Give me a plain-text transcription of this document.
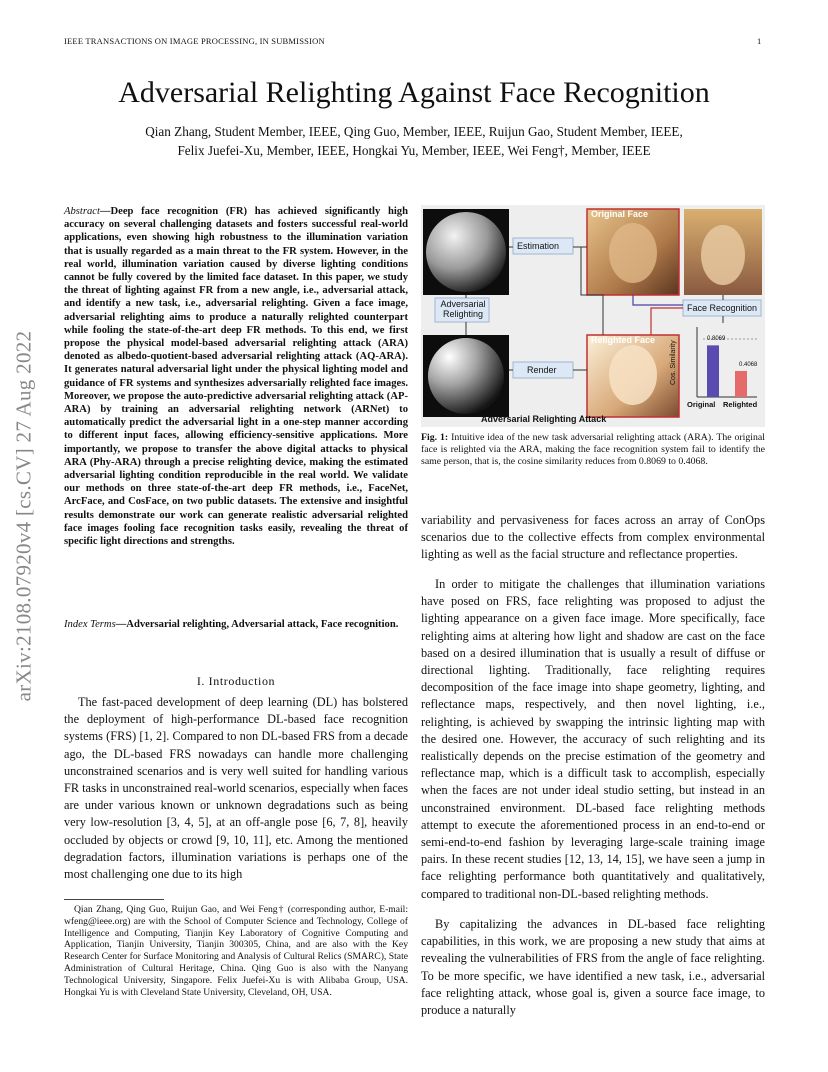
IEEE TRANSACTIONS ON IMAGE PROCESSING, IN SUBMISSION	1
arXiv:2108.07920v4 [cs.CV] 27 Aug 2022
Adversarial Relighting Against Face Recognition
Qian Zhang, Student Member, IEEE, Qing Guo, Member, IEEE, Ruijun Gao, Student Member, IEEE,
Felix Juefei-Xu, Member, IEEE, Hongkai Yu, Member, IEEE, Wei Feng†, Member, IEEE
Abstract—Deep face recognition (FR) has achieved significantly high accuracy on several challenging datasets and fosters successful real-world applications, even showing high robustness to the illumination variation that is usually regarded as a main threat to the FR system. However, in the real world, illumination variation caused by diverse lighting conditions cannot be fully covered by the limited face dataset. In this paper, we study the threat of lighting against FR from a new angle, i.e., adversarial attack, and identify a new task, i.e., adversarial relighting. Given a face image, adversarial relighting aims to produce a naturally relighted counterpart while fooling the state-of-the-art deep FR methods. To this end, we first propose the physical model-based adversarial relighting attack (ARA) denoted as albedo-quotient-based adversarial relighting attack (AQ-ARA). It generates natural adversarial light under the physical lighting model and guidance of FR systems and synthesizes adversarially relighted face images. Moreover, we propose the auto-predictive adversarial relighting attack (AP-ARA) by training an adversarial relighting network (ARNet) to automatically predict the adversarial light in a one-step manner according to different input faces, allowing efficiency-sensitive applications. More importantly, we propose to transfer the above digital attacks to physical ARA (Phy-ARA) through a precise relighting device, making the estimated adversarial lighting condition reproducible in the real world. We validate our methods on three state-of-the-art deep FR methods, i.e., FaceNet, ArcFace, and CosFace, on two public datasets. The extensive and insightful results demonstrate our work can generate realistic adversarial relighted face images fooling face recognition tasks easily, revealing the threat of specific light directions and strengths.
Index Terms—Adversarial relighting, Adversarial attack, Face recognition.
I. Introduction
The fast-paced development of deep learning (DL) has bolstered the deployment of high-performance DL-based face recognition systems (FRS) [1, 2]. Compared to non DL-based FRS from a decade ago, the DL-based FRS nowadays can handle more challenging unconstrained scenarios and is very well suited for handling various FR tasks in unconstrained real-world scenarios, especially when faces are under various known or unknown degradations such as being very low-resolution [3, 4, 5], at an off-angle pose [6, 7, 8], heavily occluded by objects or crowd [9, 10, 11], etc. Among the mentioned degradation factors, illumination variations is perhaps one of the most challenging one due to its high
Qian Zhang, Qing Guo, Ruijun Gao, and Wei Feng† (corresponding author, E-mail: wfeng@ieee.org) are with the School of Computer Science and Technology, College of Intelligence and Computing, Tianjin Key Laboratory of Cognitive Computing and Application, Tianjin University, Tianjin 300305, China, and are also with the Key Research Center for Surface Monitoring and Analysis of Cultural Relics (SMARC), State Administration of Cultural Heritage, China. Qing Guo is also with the Nanyang Technological University, Singapore. Felix Juefei-Xu is with Alibaba Group, USA. Hongkai Yu is with Cleveland State University, Cleveland, OH, USA.
Original Face
Estimation
Adversarial Relighting
Face Recognition
Relighted Face
Render	Cos. Similarity
0.8069
0.4068
Original Relighted
Adversarial Relighting Attack
Fig. 1: Intuitive idea of the new task adversarial relighting attack (ARA). The original face is relighted via the ARA, making the face recognition system fail to identify the same person, that is, the cosine similarity reduces from 0.8069 to 0.4068.
variability and pervasiveness for faces across an array of ConOps scenarios due to the collective effects from complex environmental lighting as well as the facial structure and reflectance properties.
In order to mitigate the challenges that illumination variations have posed on FRS, face relighting was proposed to adjust the lighting appearance on a given face image. More specifically, face relighting aims at altering how light and shadow are cast on the face based on a desired illumination that is usually a result of diffuse or directional lighting. Traditionally, face relighting requires decomposition of the face image into shape geometry, lighting, and reflectance maps, respectively, and then novel lighting, i.e., relighting, is achieved by swapping the intrinsic lighting map with the desired one. However, the accuracy of such relighting and its realistically depends on the precise estimation of the geometry and reflectance map, which is a difficult task to accomplish, especially when the faces are not under ideal studio setting, but instead in an unconstrained environment. DL-based face relighting methods attempt to execute the aforementioned process in an end-to-end or semi-end-to-end fashion by leveraging large-scale training image pairs. In these recent studies [12, 13, 14, 15], we have seen a jump in face relighting performance both quantitatively and qualitatively, compared to traditional non-DL-based relighting methods.
By capitalizing the advances in DL-based face relighting capabilities, in this work, we are proposing a new study that aims at revealing the vulnerabilities of FRS from the angle of face relighting. To be more specific, we have identified a new task, i.e., adversarial face relighting attack, whose goal is, given a source face image, to produce a naturally
